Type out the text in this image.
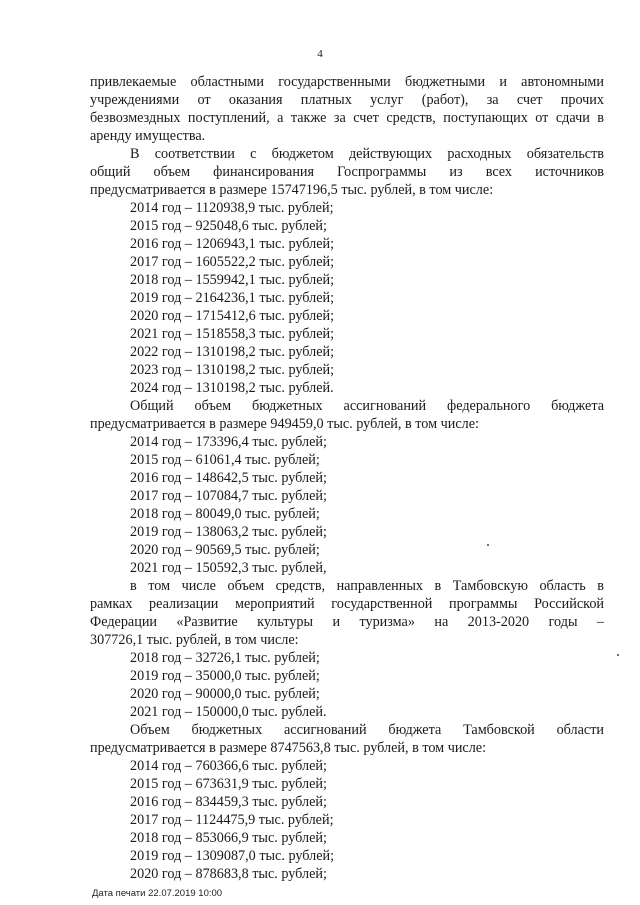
4

привлекаемые областными государственными бюджетными и автономными

учреждениями от оказания платных услуг (работ), за счет прочих

безвозмездных поступлений, а также за счет средств, поступающих от сдачи в

аренду имущества.

В соответствии с бюджетом действующих расходных обязательств

общий объем финансирования Госпрограммы из всех источников

предусматривается в размере 15747196,5 тыс. рублей, в том числе:

2014 год – 1120938,9 тыс. рублей;

2015 год – 925048,6 тыс. рублей;

2016 год – 1206943,1 тыс. рублей;

2017 год – 1605522,2 тыс. рублей;

2018 год – 1559942,1 тыс. рублей;

2019 год – 2164236,1 тыс. рублей;

2020 год – 1715412,6 тыс. рублей;

2021 год – 1518558,3 тыс. рублей;

2022 год – 1310198,2 тыс. рублей;

2023 год – 1310198,2 тыс. рублей;

2024 год – 1310198,2 тыс. рублей.

Общий объем бюджетных ассигнований федерального бюджета

предусматривается в размере 949459,0 тыс. рублей, в том числе:

2014 год – 173396,4 тыс. рублей;

2015 год – 61061,4 тыс. рублей;

2016 год – 148642,5 тыс. рублей;

2017 год – 107084,7 тыс. рублей;

2018 год – 80049,0 тыс. рублей;

2019 год – 138063,2 тыс. рублей;

2020 год – 90569,5 тыс. рублей;

2021 год – 150592,3 тыс. рублей,

в том числе объем средств, направленных в Тамбовскую область в

рамках реализации мероприятий государственной программы Российской

Федерации «Развитие культуры и туризма» на 2013-2020 годы –

307726,1 тыс. рублей, в том числе:

2018 год – 32726,1 тыс. рублей;

2019 год – 35000,0 тыс. рублей;

2020 год – 90000,0 тыс. рублей;

2021 год – 150000,0 тыс. рублей.

Объем бюджетных ассигнований бюджета Тамбовской области

предусматривается в размере 8747563,8 тыс. рублей, в том числе:

2014 год – 760366,6 тыс. рублей;

2015 год – 673631,9 тыс. рублей;

2016 год – 834459,3 тыс. рублей;

2017 год – 1124475,9 тыс. рублей;

2018 год – 853066,9 тыс. рублей;

2019 год – 1309087,0 тыс. рублей;

2020 год – 878683,8 тыс. рублей;

Дата печати 22.07.2019 10:00
